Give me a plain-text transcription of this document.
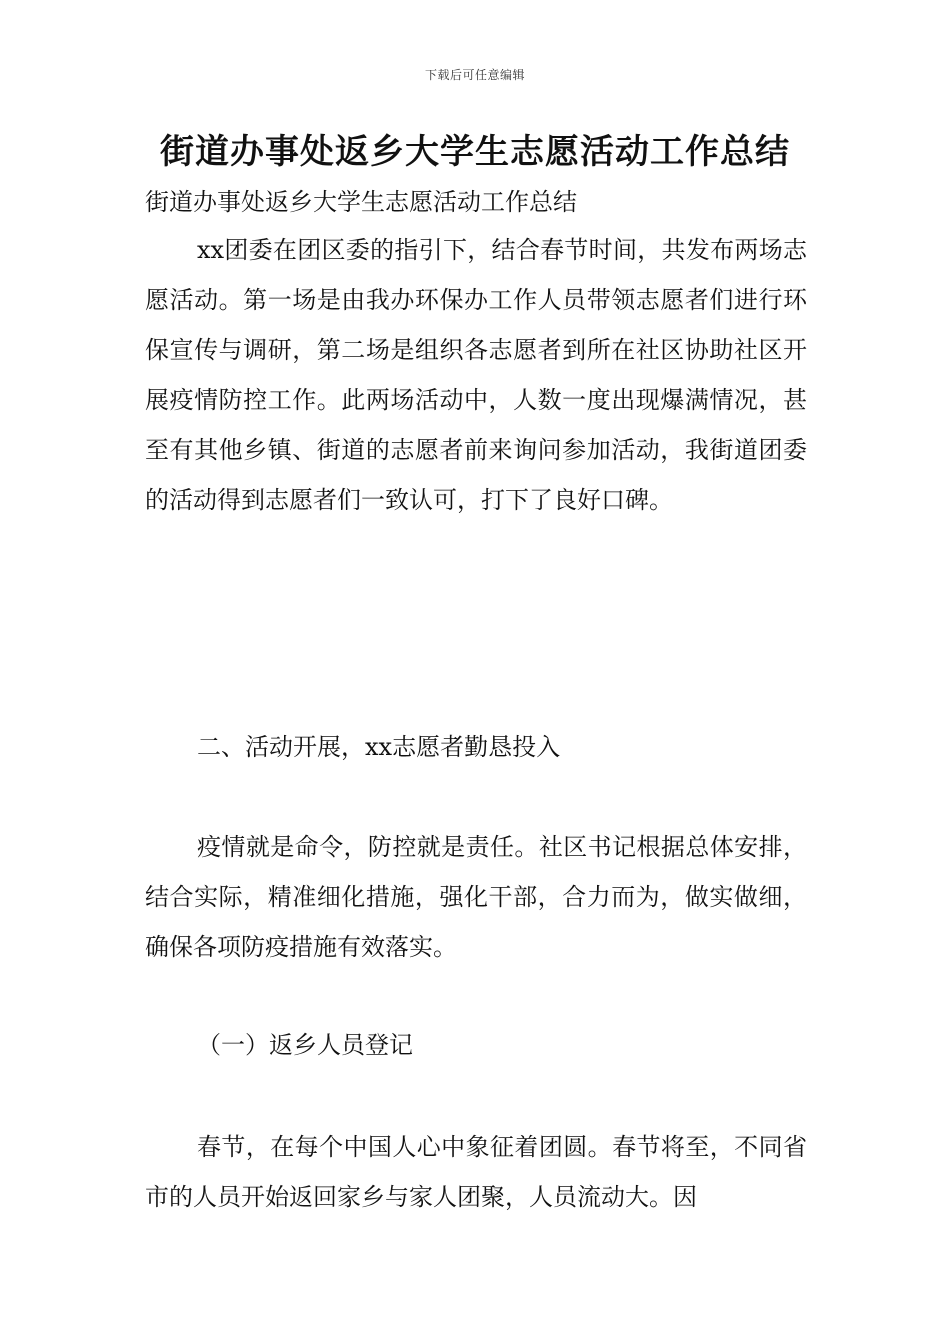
下载后可任意编辑
街道办事处返乡大学生志愿活动工作总结

街道办事处返乡大学生志愿活动工作总结

xx团委在团区委的指引下，结合春节时间，共发布两场志愿活动。第一场是由我办环保办工作人员带领志愿者们进行环保宣传与调研，第二场是组织各志愿者到所在社区协助社区开展疫情防控工作。此两场活动中，人数一度出现爆满情况，甚至有其他乡镇、街道的志愿者前来询问参加活动，我街道团委的活动得到志愿者们一致认可，打下了良好口碑。

二、活动开展，xx志愿者勤恳投入

疫情就是命令，防控就是责任。社区书记根据总体安排，结合实际，精准细化措施，强化干部，合力而为，做实做细，确保各项防疫措施有效落实。

（一）返乡人员登记

春节，在每个中国人心中象征着团圆。春节将至，不同省市的人员开始返回家乡与家人团聚，人员流动大。因
